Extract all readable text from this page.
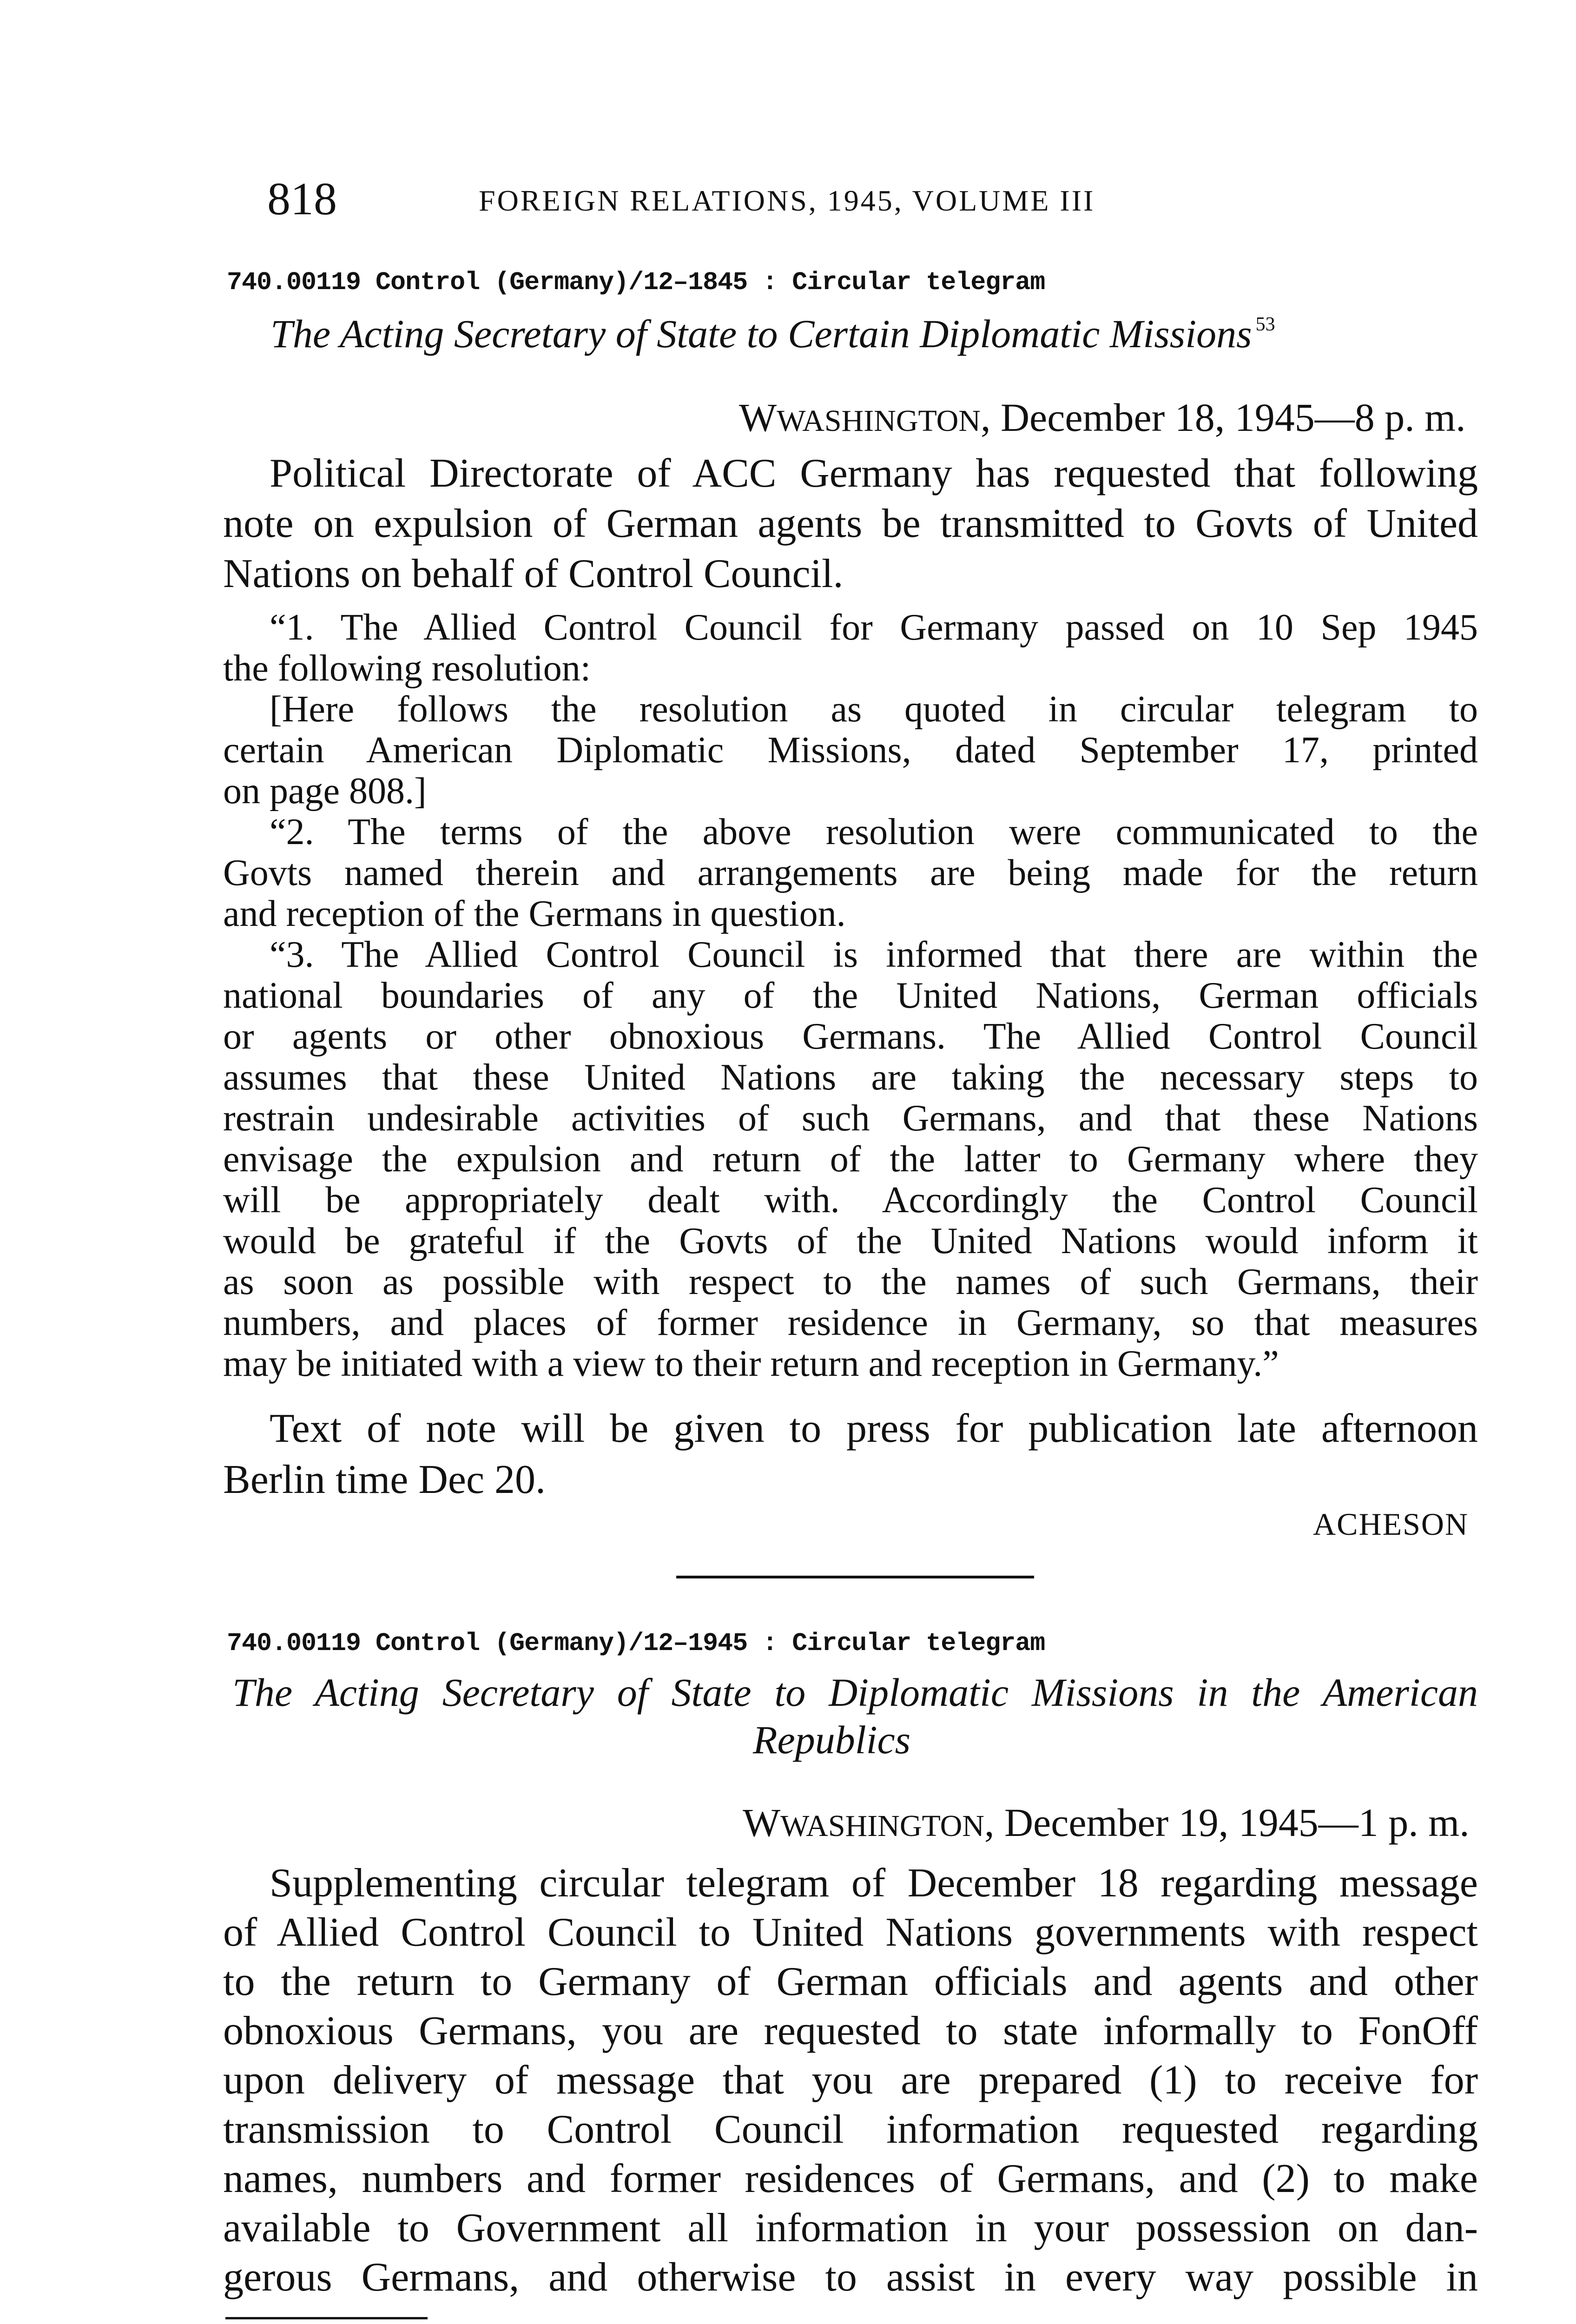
818	FOREIGN RELATIONS, 1945, VOLUME III
740.00119 Control (Germany)/12–1845 : Circular telegram
The Acting Secretary of State to Certain Diplomatic Missions $^{53}$
WWASHINGTON, December 18, 1945—8 p. m.
Political Directorate of ACC Germany has requested that following
note on expulsion of German agents be transmitted to Govts of United
Nations on behalf of Control Council.
“1. The Allied Control Council for Germany passed on 10 Sep 1945
the following resolution:
[Here follows the resolution as quoted in circular telegram to
certain American Diplomatic Missions, dated September 17, printed
on page 808.]
“2. The terms of the above resolution were communicated to the
Govts named therein and arrangements are being made for the return
and reception of the Germans in question.
“3. The Allied Control Council is informed that there are within the
national boundaries of any of the United Nations, German officials
or agents or other obnoxious Germans. The Allied Control Council
assumes that these United Nations are taking the necessary steps to
restrain undesirable activities of such Germans, and that these Nations
envisage the expulsion and return of the latter to Germany where they
will be appropriately dealt with. Accordingly the Control Council
would be grateful if the Govts of the United Nations would inform it
as soon as possible with respect to the names of such Germans, their
numbers, and places of former residence in Germany, so that measures
may be initiated with a view to their return and reception in Germany.”
Text of note will be given to press for publication late afternoon
Berlin time Dec 20.
ACHESON
740.00119 Control (Germany)/12–1945 : Circular telegram
The Acting Secretary of State to Diplomatic Missions in the American
Republics
WWASHINGTON, December 19, 1945—1 p. m.
Supplementing circular telegram of December 18 regarding message
of Allied Control Council to United Nations governments with respect
to the return to Germany of German officials and agents and other
obnoxious Germans, you are requested to state informally to FonOff
upon delivery of message that you are prepared (1) to receive for
transmission to Control Council information requested regarding
names, numbers and former residences of Germans, and (2) to make
available to Government all information in your possession on dan-
gerous Germans, and otherwise to assist in every way possible in
